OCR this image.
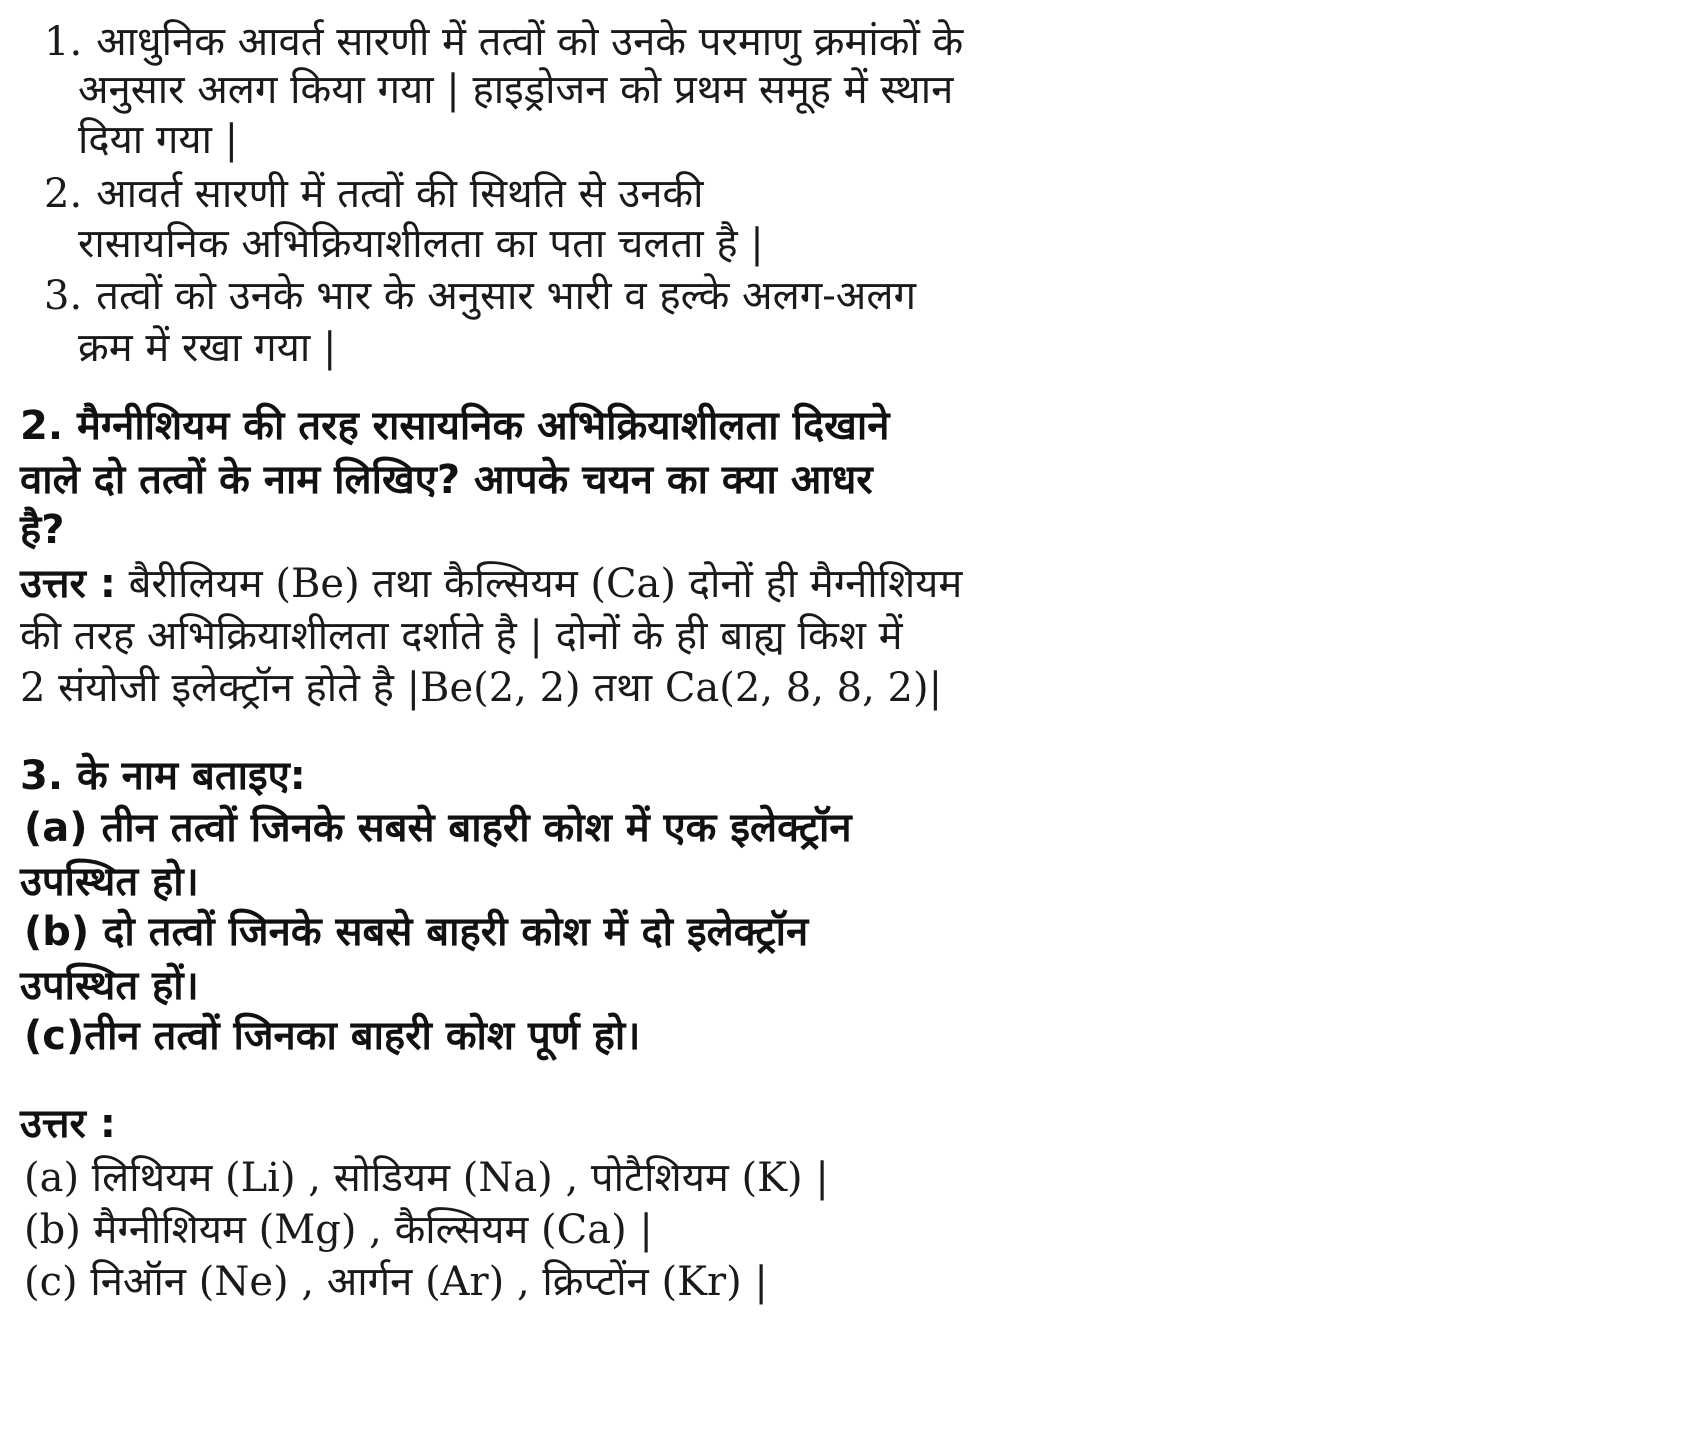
1. आधुनिक आवर्त सारणी में तत्वों को उनके परमाणु क्रमांकों के
अनुसार अलग किया गया | हाइड्रोजन को प्रथम समूह में स्थान
दिया गया |
2. आवर्त सारणी में तत्वों की सिथति से उनकी
रासायनिक अभिक्रियाशीलता का पता चलता है |
3. तत्वों को उनके भार के अनुसार भारी व हल्के अलग-अलग
क्रम में रखा गया |
2. मैग्नीशियम की तरह रासायनिक अभिक्रियाशीलता दिखाने
वाले दो तत्वों के नाम लिखिए? आपके चयन का क्या आधर
है?
उत्तर : बैरीलियम (Be) तथा कैल्सियम (Ca) दोनों ही मैग्नीशियम
की तरह अभिक्रियाशीलता दर्शाते है | दोनों के ही बाह्य किश में
2 संयोजी इलेक्ट्रॉन होते है |Be(2, 2) तथा Ca(2, 8, 8, 2)|
3. के नाम बताइए:
(a) तीन तत्वों जिनके सबसे बाहरी कोश में एक इलेक्ट्रॉन
उपस्थित हो।
(b) दो तत्वों जिनके सबसे बाहरी कोश में दो इलेक्ट्रॉन
उपस्थित हों।
(c)तीन तत्वों जिनका बाहरी कोश पूर्ण हो।
उत्तर :
(a) लिथियम (Li) , सोडियम (Na) , पोटैशियम (K) |
(b) मैग्नीशियम (Mg) , कैल्सियम (Ca) |
(c) निऑन (Ne) , आर्गन (Ar) , क्रिप्टोंन (Kr) |
